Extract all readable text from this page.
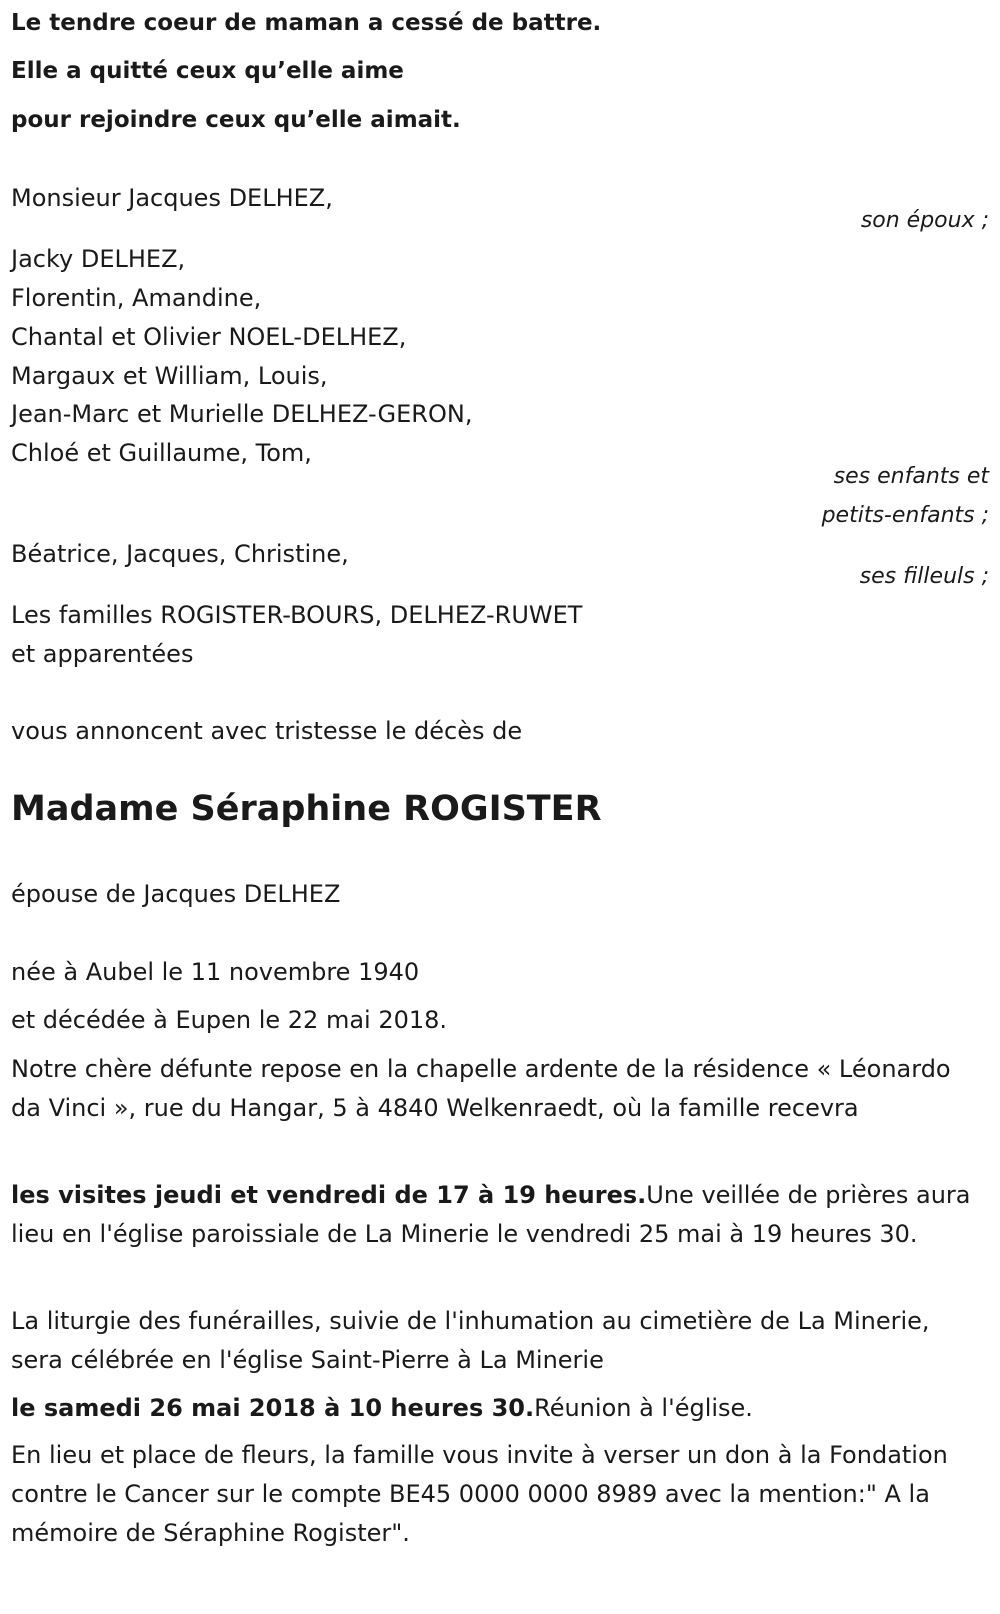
Le tendre coeur de maman a cessé de battre.
Elle a quitté ceux qu’elle aime
pour rejoindre ceux qu’elle aimait.
Monsieur Jacques DELHEZ,
son époux ;
Jacky DELHEZ,
Florentin, Amandine,
Chantal et Olivier NOEL-DELHEZ,
Margaux et William, Louis,
Jean-Marc et Murielle DELHEZ-GERON,
Chloé et Guillaume, Tom,
ses enfants et
petits-enfants ;
Béatrice, Jacques, Christine,
ses filleuls ;
Les familles ROGISTER-BOURS, DELHEZ-RUWET
et apparentées
vous annoncent avec tristesse le décès de
Madame Séraphine ROGISTER
épouse de Jacques DELHEZ
née à Aubel le 11 novembre 1940
et décédée à Eupen le 22 mai 2018.
Notre chère défunte repose en la chapelle ardente de la résidence « Léonardo da Vinci », rue du Hangar, 5 à 4840 Welkenraedt, où la famille recevra
les visites jeudi et vendredi de 17 à 19 heures.Une veillée de prières aura lieu en l'église paroissiale de La Minerie le vendredi 25 mai à 19 heures 30.
La liturgie des funérailles, suivie de l'inhumation au cimetière de La Minerie, sera célébrée en l'église Saint-Pierre à La Minerie
le samedi 26 mai 2018 à 10 heures 30.Réunion à l'église.
En lieu et place de fleurs, la famille vous invite à verser un don à la Fondation contre le Cancer sur le compte BE45 0000 0000 8989 avec la mention:" A la mémoire de Séraphine Rogister".
